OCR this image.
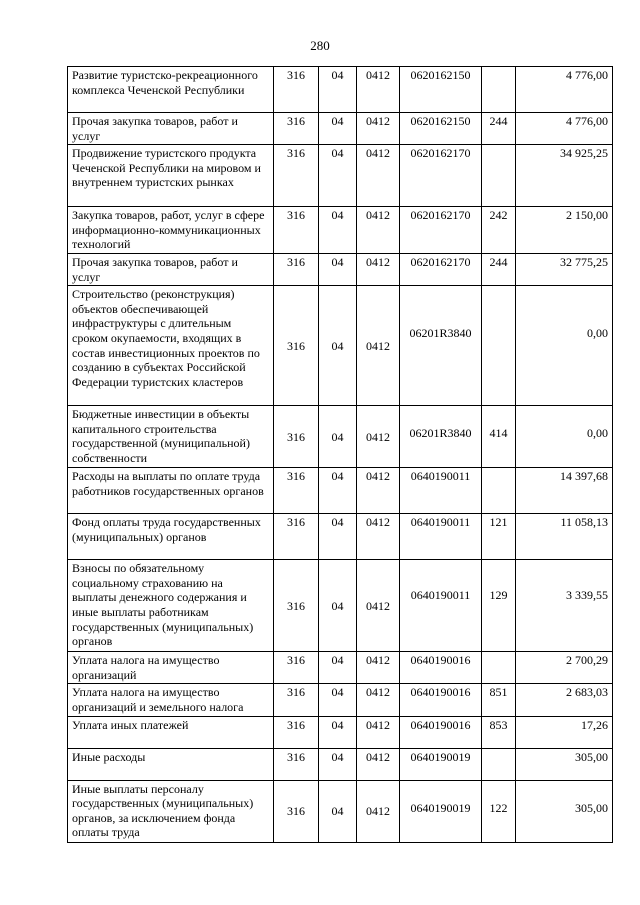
280
Развитие туристско-рекреационного комплекса Чеченской Республики	316	04	0412	0620162150		4 776,00
Прочая закупка товаров, работ и услуг	316	04	0412	0620162150	244	4 776,00
Продвижение туристского продукта Чеченской Республики на мировом и внутреннем туристских рынках	316	04	0412	0620162170		34 925,25
Закупка товаров, работ, услуг в сфере информационно-коммуникационных технологий	316	04	0412	0620162170	242	2 150,00
Прочая закупка товаров, работ и услуг	316	04	0412	0620162170	244	32 775,25
Строительство (реконструкция) объектов обеспечивающей инфраструктуры с длительным сроком окупаемости, входящих в состав инвестиционных проектов по созданию в субъектах Российской Федерации туристских кластеров	316	04	0412	06201R3840		0,00
Бюджетные инвестиции в объекты капитального строительства государственной (муниципальной) собственности	316	04	0412	06201R3840	414	0,00
Расходы на выплаты по оплате труда работников государственных органов	316	04	0412	0640190011		14 397,68
Фонд оплаты труда государственных (муниципальных) органов	316	04	0412	0640190011	121	11 058,13
Взносы по обязательному социальному страхованию на выплаты денежного содержания и иные выплаты работникам государственных (муниципальных) органов	316	04	0412	0640190011	129	3 339,55
Уплата налога на имущество организаций	316	04	0412	0640190016		2 700,29
Уплата налога на имущество организаций и земельного налога	316	04	0412	0640190016	851	2 683,03
Уплата иных платежей	316	04	0412	0640190016	853	17,26
Иные расходы	316	04	0412	0640190019		305,00
Иные выплаты персоналу государственных (муниципальных) органов, за исключением фонда оплаты труда	316	04	0412	0640190019	122	305,00
